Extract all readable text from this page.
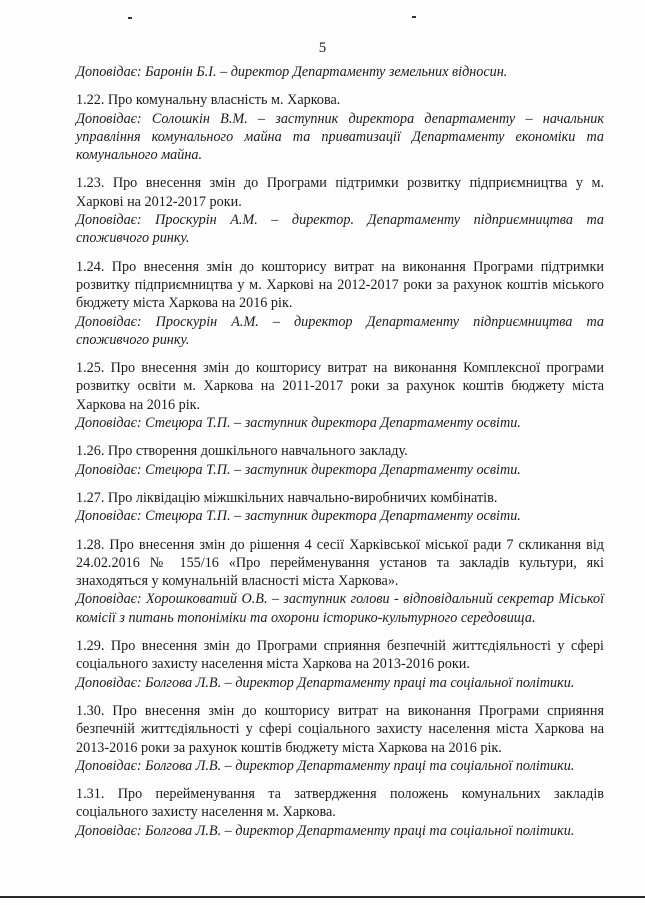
5

Доповідає: Баронін Б.І. – директор Департаменту земельних відносин.

1.22. Про комунальну власність м. Харкова.

Доповідає: Солошкін В.М. – заступник директора департаменту – начальник управління комунального майна та приватизації Департаменту економіки та комунального майна.

1.23. Про внесення змін до Програми підтримки розвитку підприємництва у м. Харкові на 2012-2017 роки.

Доповідає: Проскурін А.М. – директор. Департаменту підприємництва та споживчого ринку.

1.24. Про внесення змін до кошторису витрат на виконання Програми підтримки розвитку підприємництва у м. Харкові на 2012-2017 роки за рахунок коштів міського бюджету міста Харкова на 2016 рік.

Доповідає: Проскурін А.М. – директор Департаменту підприємництва та споживчого ринку.

1.25. Про внесення змін до кошторису витрат на виконання Комплексної програми розвитку освіти м. Харкова на 2011-2017 роки за рахунок коштів бюджету міста Харкова на 2016 рік.

Доповідає: Стецюра Т.П. – заступник директора Департаменту освіти.

1.26. Про створення дошкільного навчального закладу.

Доповідає: Стецюра Т.П. – заступник директора Департаменту освіти.

1.27. Про ліквідацію міжшкільних навчально-виробничих комбінатів.

Доповідає: Стецюра Т.П. – заступник директора Департаменту освіти.

1.28. Про внесення змін до рішення 4 сесії Харківської міської ради 7 скликання від 24.02.2016 № 155/16 «Про перейменування установ та закладів культури, які знаходяться у комунальній власності міста Харкова».

Доповідає: Хорошковатий О.В. – заступник голови - відповідальний секретар Міської комісії з питань топоніміки та охорони історико-культурного середовища.

1.29. Про внесення змін до Програми сприяння безпечній життєдіяльності у сфері соціального захисту населення міста Харкова на 2013-2016 роки.

Доповідає: Болгова Л.В. – директор Департаменту праці та соціальної політики.

1.30. Про внесення змін до кошторису витрат на виконання Програми сприяння безпечній життєдіяльності у сфері соціального захисту населення міста Харкова на 2013-2016 роки за рахунок коштів бюджету міста Харкова на 2016 рік.

Доповідає: Болгова Л.В. – директор Департаменту праці та соціальної політики.

1.31. Про перейменування та затвердження положень комунальних закладів соціального захисту населення м. Харкова.

Доповідає: Болгова Л.В. – директор Департаменту праці та соціальної політики.
